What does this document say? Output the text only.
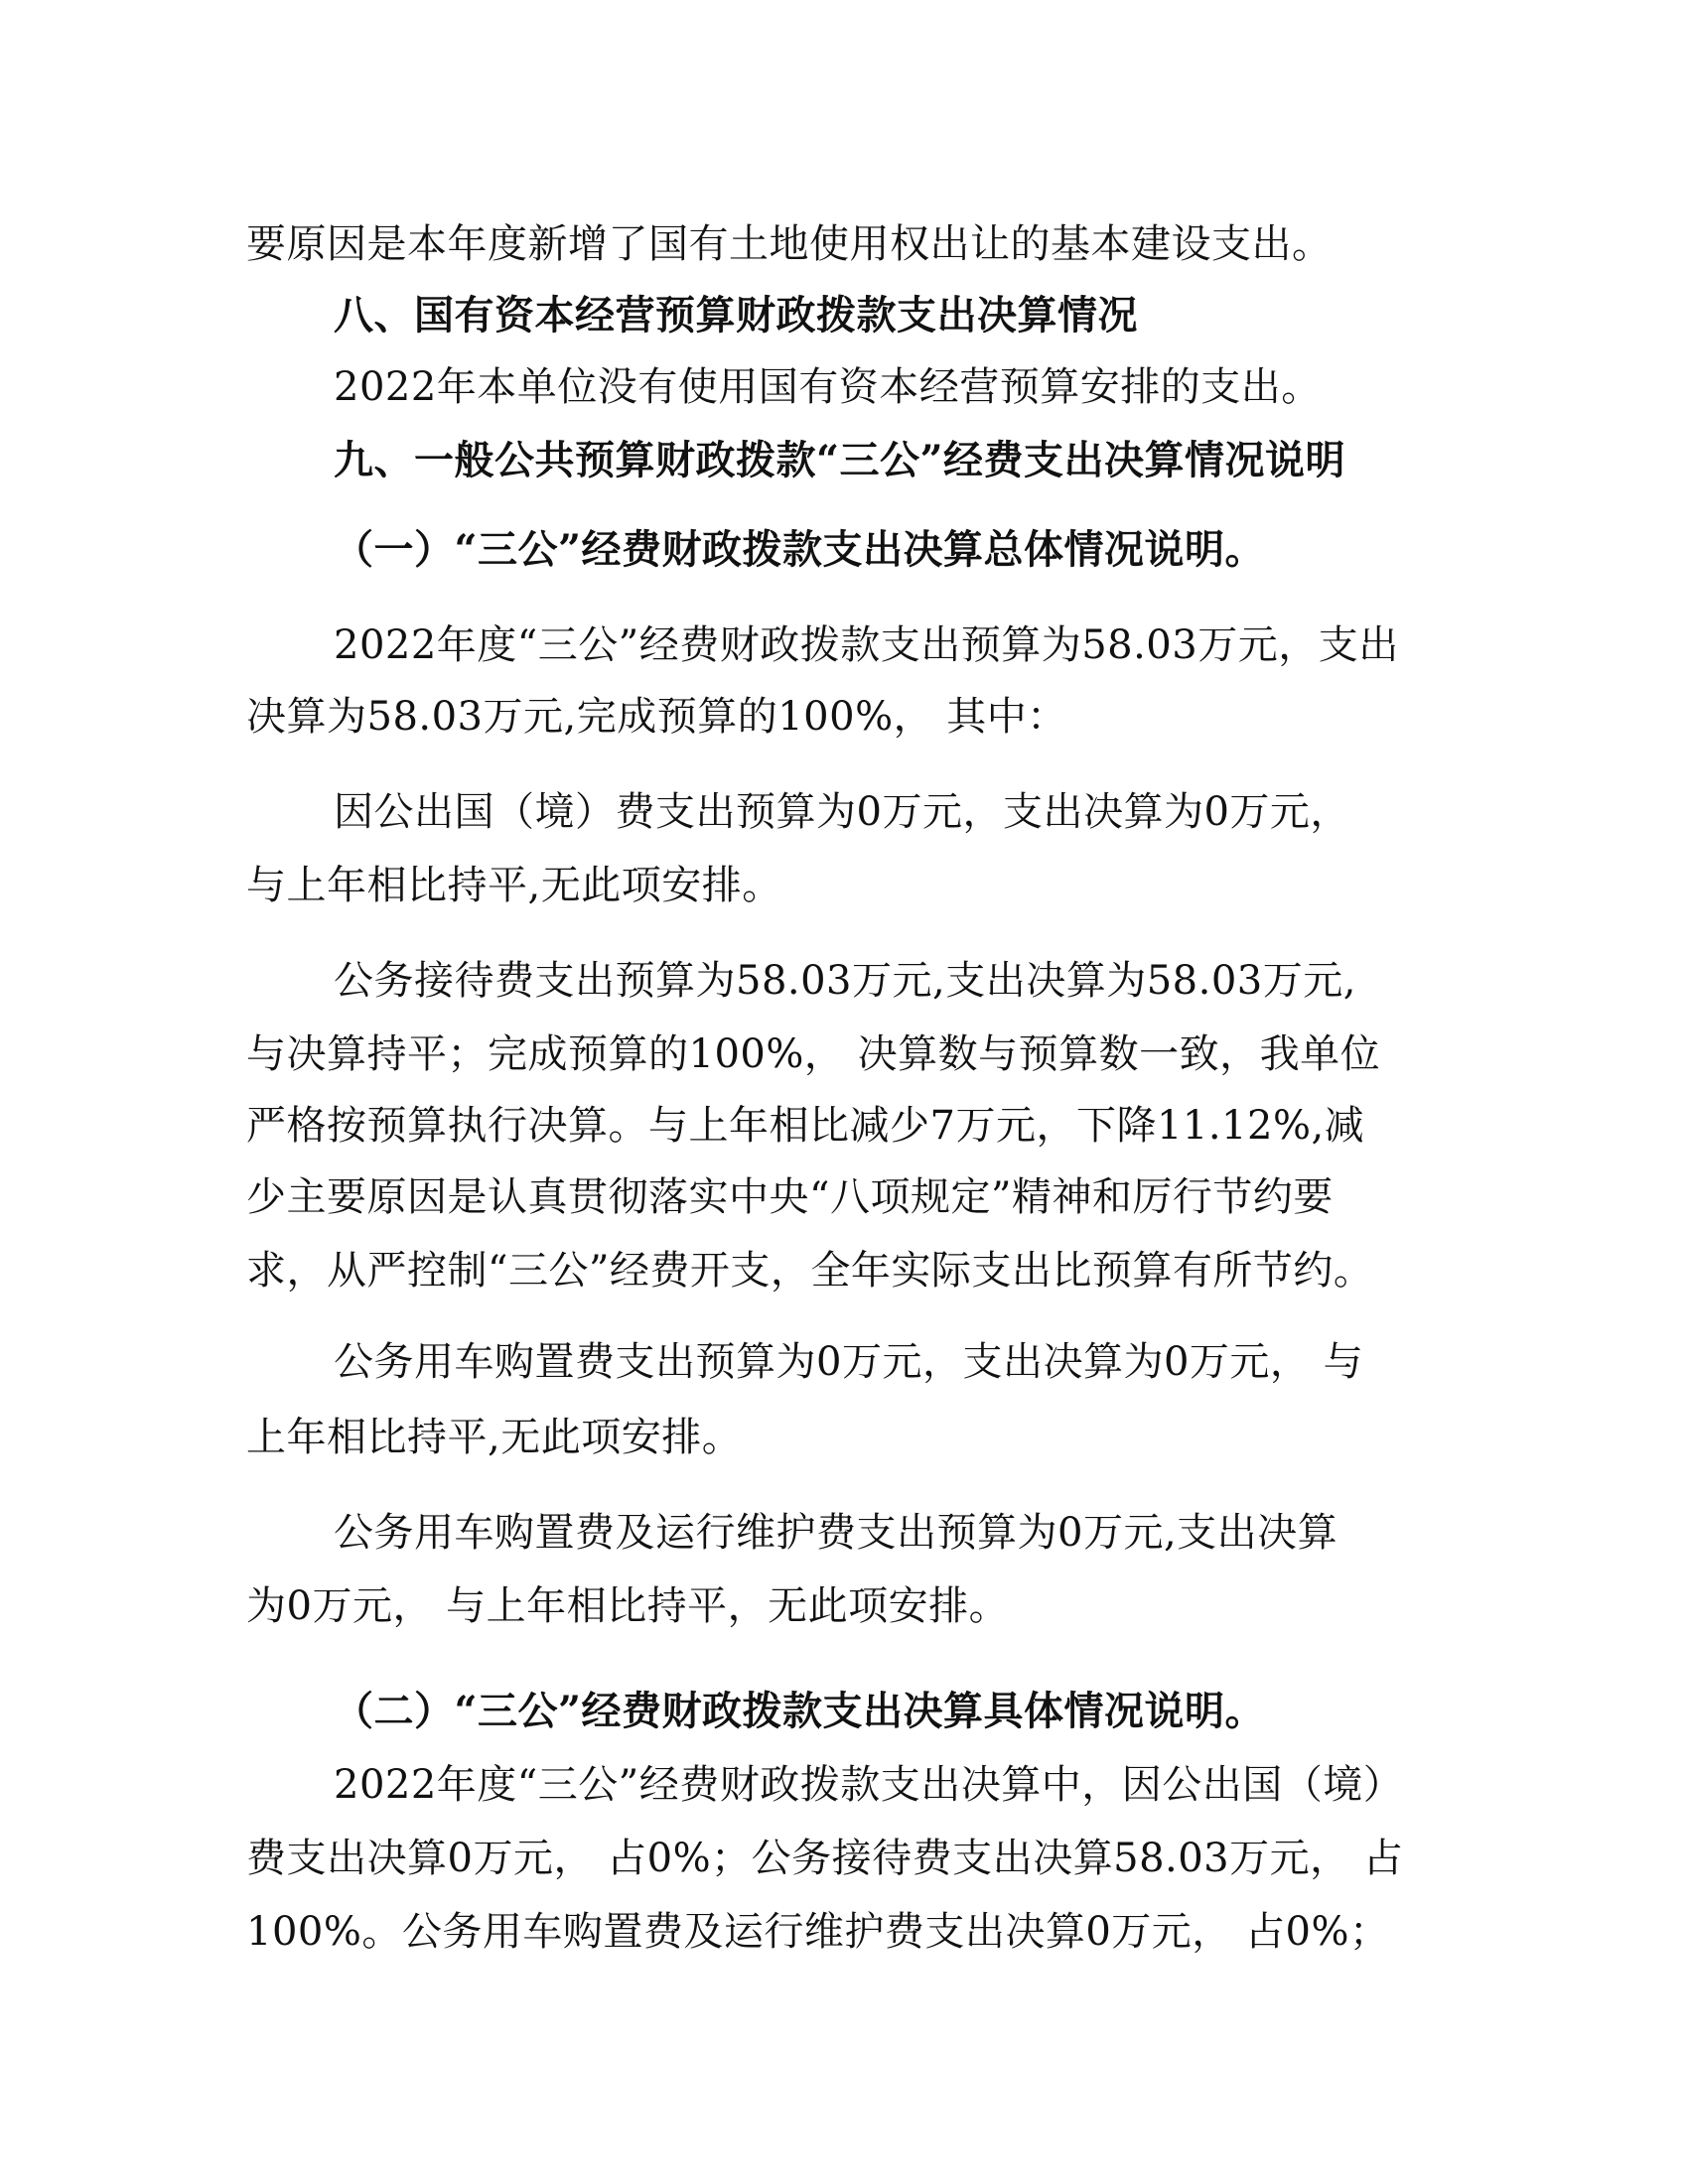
要原因是本年度新增了国有土地使用权出让的基本建设支出。
八、国有资本经营预算财政拨款支出决算情况
2022年本单位没有使用国有资本经营预算安排的支出。
九、一般公共预算财政拨款“三公”经费支出决算情况说明
（一）“三公”经费财政拨款支出决算总体情况说明。
2022年度“三公”经费财政拨款支出预算为58.03万元，支出
决算为58.03万元,完成预算的100%， 其中：
因公出国（境）费支出预算为0万元，支出决算为0万元，
与上年相比持平,无此项安排。
公务接待费支出预算为58.03万元,支出决算为58.03万元,
与决算持平；完成预算的100%， 决算数与预算数一致，我单位
严格按预算执行决算。与上年相比减少7万元，下降11.12%,减
少主要原因是认真贯彻落实中央“八项规定”精神和厉行节约要
求，从严控制“三公”经费开支，全年实际支出比预算有所节约。
公务用车购置费支出预算为0万元，支出决算为0万元， 与
上年相比持平,无此项安排。
公务用车购置费及运行维护费支出预算为0万元,支出决算
为0万元， 与上年相比持平，无此项安排。
（二）“三公”经费财政拨款支出决算具体情况说明。
2022年度“三公”经费财政拨款支出决算中，因公出国（境）
费支出决算0万元， 占0%；公务接待费支出决算58.03万元， 占
100%。公务用车购置费及运行维护费支出决算0万元， 占0%；
